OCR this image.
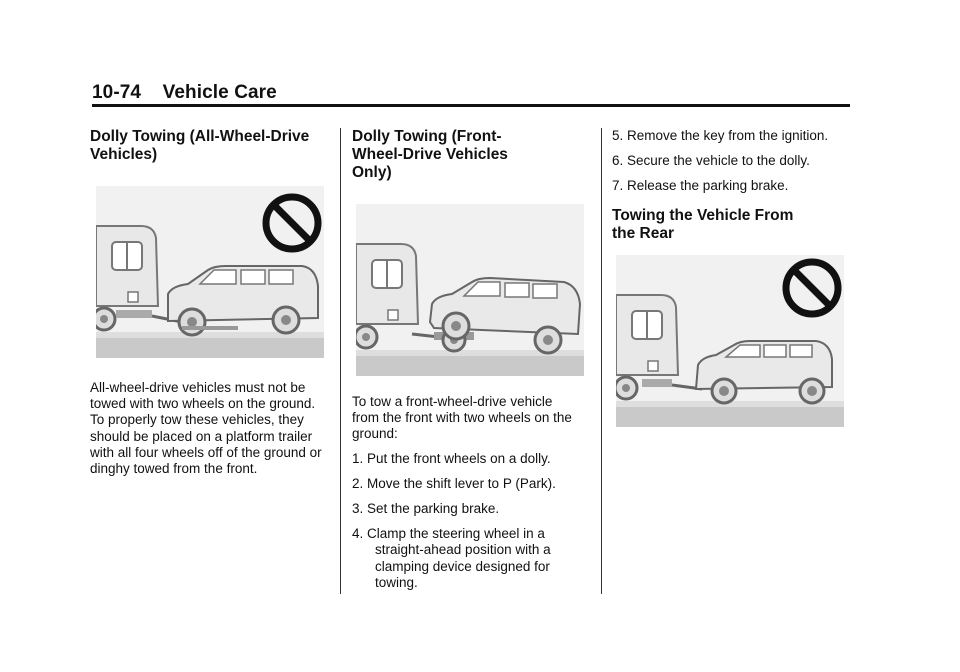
10-74 Vehicle Care
Dolly Towing (All-Wheel-Drive Vehicles)

All-wheel-drive vehicles must not be towed with two wheels on the ground. To properly tow these vehicles, they should be placed on a platform trailer with all four wheels off of the ground or dinghy towed from the front.

Dolly Towing (Front-Wheel-Drive Vehicles Only)

To tow a front-wheel-drive vehicle from the front with two wheels on the ground:

1. Put the front wheels on a dolly.
2. Move the shift lever to P (Park).
3. Set the parking brake.
4. Clamp the steering wheel in a straight-ahead position with a clamping device designed for towing.
5. Remove the key from the ignition.
6. Secure the vehicle to the dolly.
7. Release the parking brake.
Towing the Vehicle From the Rear
